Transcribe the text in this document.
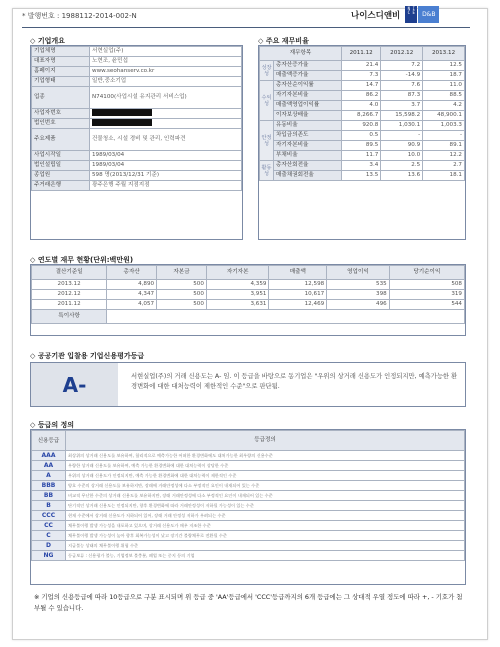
* 발행번호 : 1988112-2014-002-N	나이스디앤비
N I C E	D&B
◇ 기업개요
기업체명	서현실업(주)
대표자명	노현조, 윤민섭
홈페이지	www.seohanserv.co.kr
기업형태	일반,중소기업
업종	N74100(사업시설 유지관리 서비스업)
사업자번호	
법인번호	
주요제품	건물청소, 시설 경비 및 관리, 인력파견
사업시작일	1989/03/04
법인설립일	1989/03/04
종업원	598 명(2013/12/31 기준)
주거래은행	광주은행 주월 지점지점
◇ 주요 재무비율
재무항목		2011.12	2012.12	2013.12
성장성	총자산증가율	21.4	7.2	12.5
	매출액증가율	7.3	-14.9	18.7
수익성	총자산순이익률	14.7	7.6	11.0
	자기자본비율	86.2	87.3	88.5
	매출액영업이익률	4.0	3.7	4.2
	이자보상배율	8,266.7	15,598.2	48,900.1
안정성	유동비율	920.8	1,030.1	1,003.3
	차입금의존도	0.5	-	-
	자기자본비율	89.5	90.9	89.1
	부채비율	11.7	10.0	12.2
활동성	총자산회전율	3.4	2.5	2.7
	매출채권회전율	13.5	13.6	18.1
◇ 연도별 재무 현황(단위:백만원)
결산기준일	총자산	자본금	자기자본	매출액	영업이익	당기순이익
2013.12	4,890	500	4,359	12,598	535	508
2012.12	4,347	500	3,951	10,617	398	319
2011.12	4,057	500	3,631	12,469	496	544
특이사항						
◇ 공공기관 입찰용 기업신용평가등급
A-	서현실업(주)의 거래 신용도는 A- 임. 이 등급을 바탕으로 동기업은 "우위의 상거래 신용도가 인정되지만, 예측가능한 환경변화에 대한 대처능력이 제한적인 수준"으로 판단됨.
◇ 등급의 정의
신용등급	등급정의
AAA	최상위의 상거래 신용도를 보유하여, 합리적으로 예측가능한 어떠한 환경변화에도 대처가능한 최우량의 신용수준
AA	우량한 상거래 신용도를 보유하여, 예측 가능한 환경변화에 대한 대처능력이 상당한 수준
A	우위의 상거래 신용도가 인정되지만, 예측 가능한 환경변화에 대한 대처능력이 제한적인 수준
BBB	양호 수준의 상거래 신용도를 보유하지만, 장래에 거래안정성에 다소 부정적인 요인이 내재되어 있는 수준
BB	비교적 무난한 수준의 상거래 신용도를 보유하지만, 장래 거래안정성에 다소 부정적인 요인이 내재되어 있는 수준
B	단기적인 상거래 신용도는 인정되지만, 향후 환경변화에 따라 거래안정성이 저하될 가능성이 있는 수준
CCC	현재 수준에서 상거래 신용도가 저하되어 있어, 장래 거래 안정성 저하가 우려되는 수준
CC	채무불이행 발생 가능성을 내포하고 있으며, 상거래 신용도가 매우 저조한 수준
C	채무불이행 발생 가능성이 높아 향후 회복가능성이 낮고 장기간 불량채무로 전환될 수준
D	지급불능 상태의 채무불이행 위험 수준
NG	등급보류 : 신용평가 불능, 기업정보 불충분, 폐업 또는 중지 등의 기업
※ 기업의 신용등급에 따라 10등급으로 구분 표시되며 위 등급 중 'AA'등급에서 'CCC'등급까지의 6개 등급에는 그 상대적 우열 정도에 따라 +, - 기호가 첨부될 수 있습니다.
